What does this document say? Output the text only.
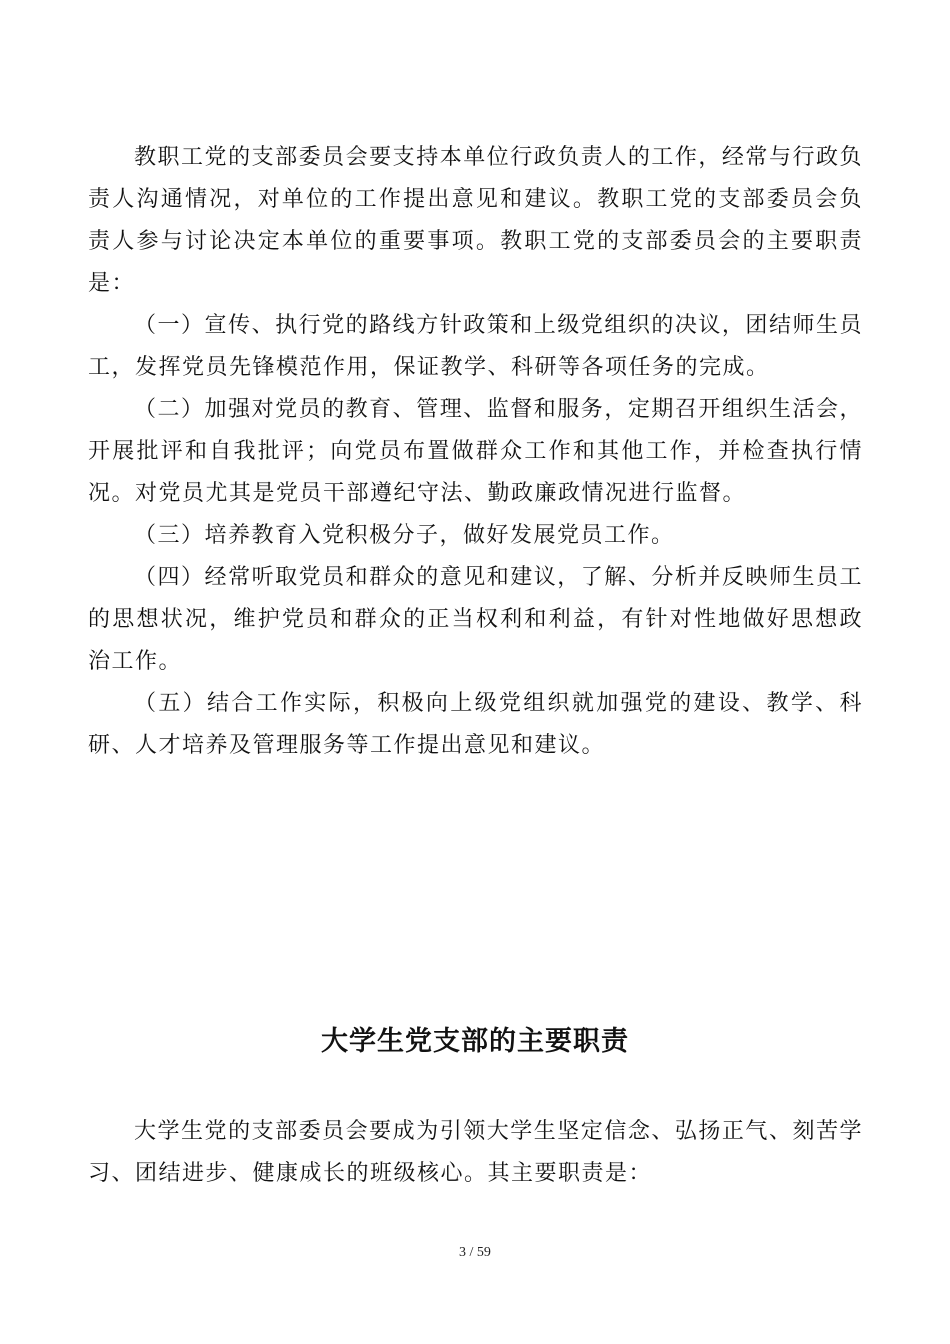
教职工党的支部委员会要支持本单位行政负责人的工作，经常与行政负责人沟通情况，对单位的工作提出意见和建议。教职工党的支部委员会负责人参与讨论决定本单位的重要事项。教职工党的支部委员会的主要职责是：

（一）宣传、执行党的路线方针政策和上级党组织的决议，团结师生员工，发挥党员先锋模范作用，保证教学、科研等各项任务的完成。

（二）加强对党员的教育、管理、监督和服务，定期召开组织生活会，开展批评和自我批评；向党员布置做群众工作和其他工作，并检查执行情况。对党员尤其是党员干部遵纪守法、勤政廉政情况进行监督。

（三）培养教育入党积极分子，做好发展党员工作。

（四）经常听取党员和群众的意见和建议，了解、分析并反映师生员工的思想状况，维护党员和群众的正当权利和利益，有针对性地做好思想政治工作。

（五）结合工作实际，积极向上级党组织就加强党的建设、教学、科研、人才培养及管理服务等工作提出意见和建议。

大学生党支部的主要职责

大学生党的支部委员会要成为引领大学生坚定信念、弘扬正气、刻苦学习、团结进步、健康成长的班级核心。其主要职责是：

3 / 59
